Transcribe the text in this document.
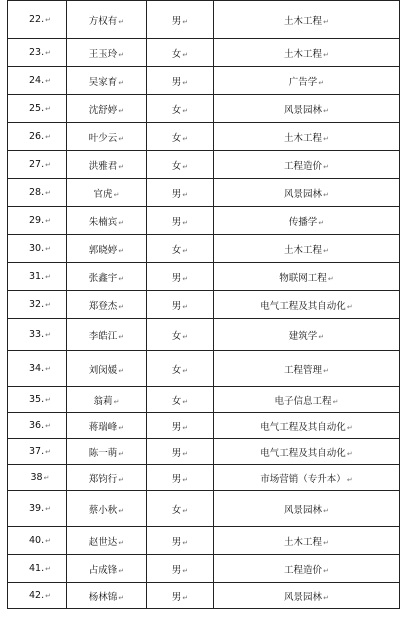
22.↵	方权有↵	男↵	土木工程↵
23.↵	王玉玲↵	女↵	土木工程↵
24.↵	吴家育↵	男↵	广告学↵
25.↵	沈舒婷↵	女↵	风景园林↵
26.↵	叶少云↵	女↵	土木工程↵
27.↵	洪雅君↵	女↵	工程造价↵
28.↵	官虎↵	男↵	风景园林↵
29.↵	朱楠宾↵	男↵	传播学↵
30.↵	郭晓婷↵	女↵	土木工程↵
31.↵	张鑫宇↵	男↵	物联网工程↵
32.↵	郑登杰↵	男↵	电气工程及其自动化↵
33.↵	李皓江↵	女↵	建筑学↵
34.↵	刘闵媛↵	女↵	工程管理↵
35.↵	翁莉↵	女↵	电子信息工程↵
36.↵	蒋瑞峰↵	男↵	电气工程及其自动化↵
37.↵	陈一萌↵	男↵	电气工程及其自动化↵
38↵	郑钧行↵	男↵	市场营销（专升本）↵
39.↵	蔡小秋↵	女↵	风景园林↵
40.↵	赵世达↵	男↵	土木工程↵
41.↵	占成锋↵	男↵	工程造价↵
42.↵	杨林锦↵	男↵	风景园林↵
